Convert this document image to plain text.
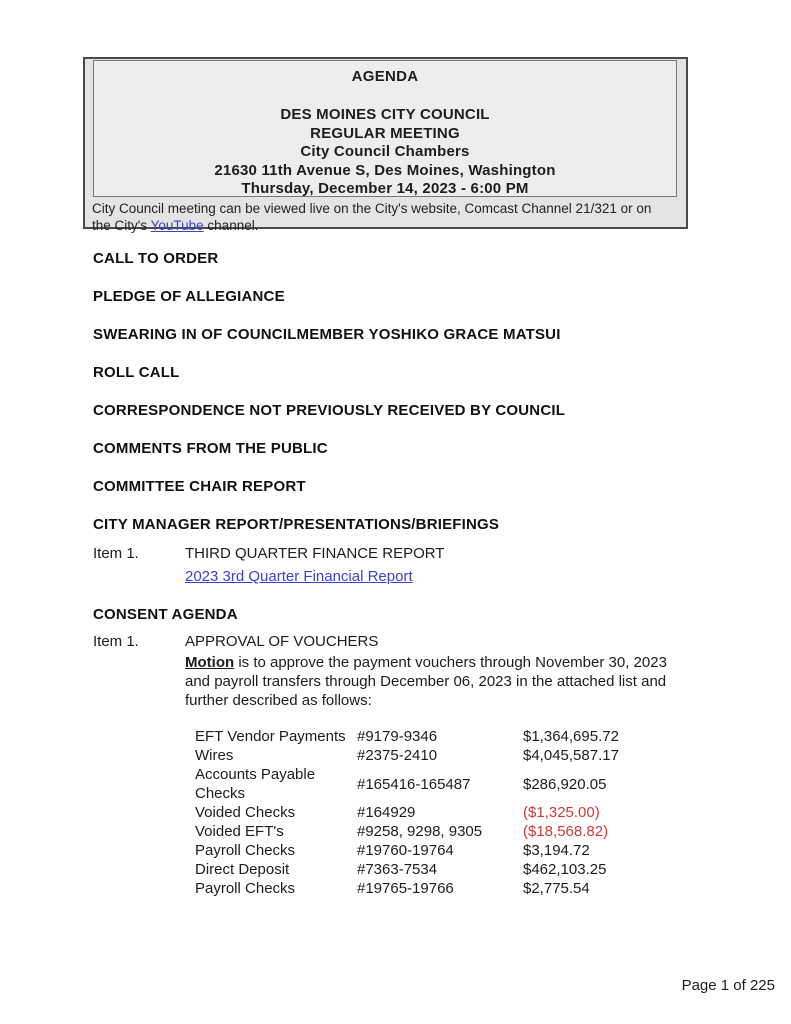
AGENDA
DES MOINES CITY COUNCIL
REGULAR MEETING
City Council Chambers
21630 11th Avenue S, Des Moines, Washington
Thursday, December 14, 2023 - 6:00 PM
City Council meeting can be viewed live on the City's website, Comcast Channel 21/321 or on the City's YouTube channel.
CALL TO ORDER
PLEDGE OF ALLEGIANCE
SWEARING IN OF COUNCILMEMBER YOSHIKO GRACE MATSUI
ROLL CALL
CORRESPONDENCE NOT PREVIOUSLY RECEIVED BY COUNCIL
COMMENTS FROM THE PUBLIC
COMMITTEE CHAIR REPORT
CITY MANAGER REPORT/PRESENTATIONS/BRIEFINGS
Item 1.	THIRD QUARTER FINANCE REPORT
2023 3rd Quarter Financial Report
CONSENT AGENDA
Item 1.	APPROVAL OF VOUCHERS
Motion is to approve the payment vouchers through November 30, 2023 and payroll transfers through December 06, 2023 in the attached list and further described as follows:
EFT Vendor Payments #9179-9346	$1,364,695.72
Wires	#2375-2410	$4,045,587.17
Accounts Payable Checks
#165416-165487	$286,920.05
Voided Checks	#164929	($1,325.00)
Voided EFT's	#9258, 9298, 9305	($18,568.82)
Payroll Checks	#19760-19764	$3,194.72
Direct Deposit	#7363-7534	$462,103.25
Payroll Checks	#19765-19766	$2,775.54
Page 1 of 225
